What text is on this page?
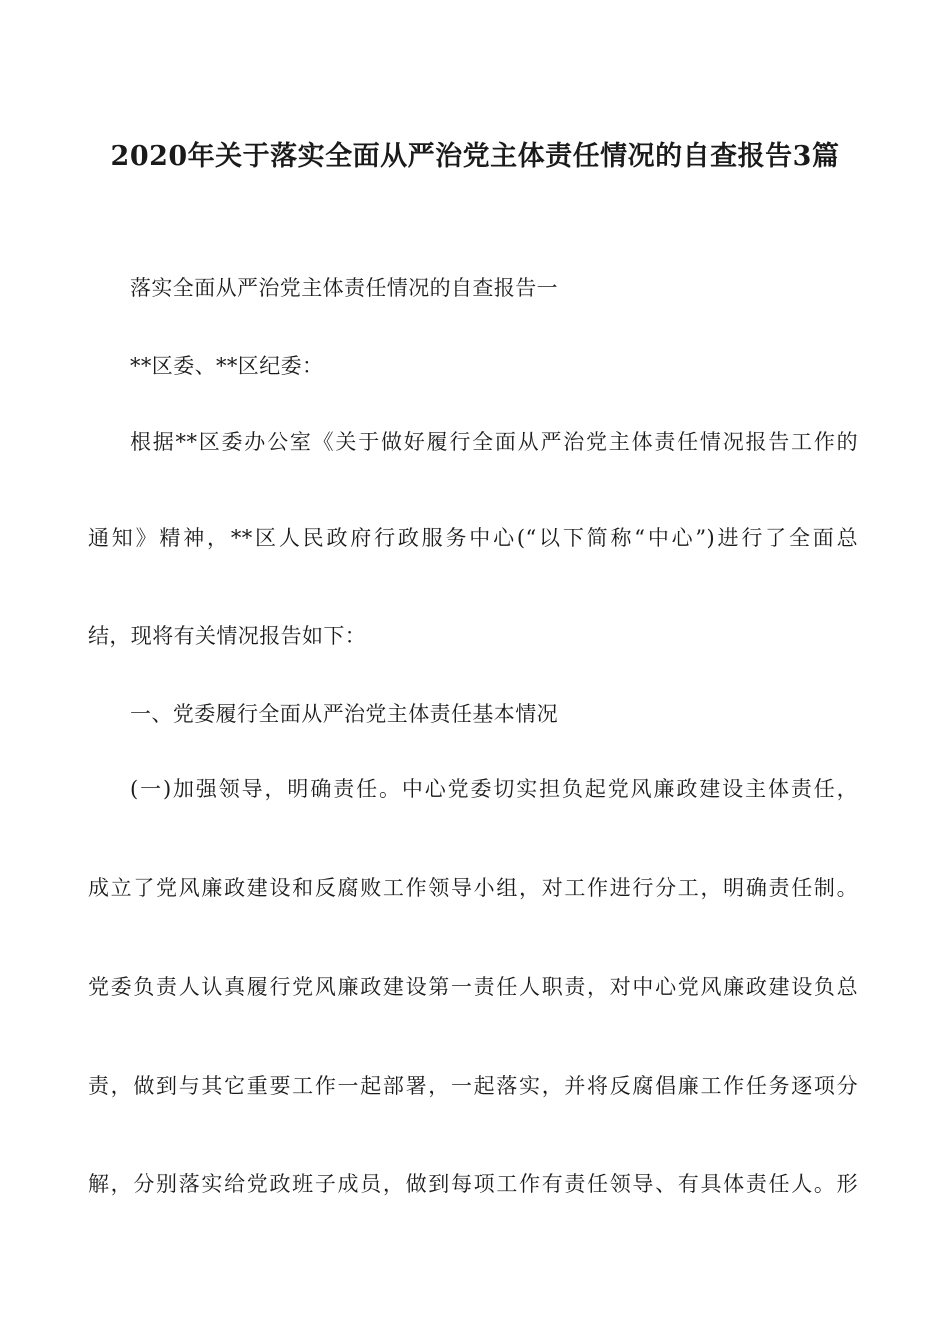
2020年关于落实全面从严治党主体责任情况的自查报告3篇
落实全面从严治党主体责任情况的自查报告一
**区委、**区纪委：
根据**区委办公室《关于做好履行全面从严治党主体责任情况报告工作的
通知》精神，**区人民政府行政服务中心(“以下简称“中心”)进行了全面总
结，现将有关情况报告如下：
一、党委履行全面从严治党主体责任基本情况
(一)加强领导，明确责任。中心党委切实担负起党风廉政建设主体责任，
成立了党风廉政建设和反腐败工作领导小组，对工作进行分工，明确责任制。
党委负责人认真履行党风廉政建设第一责任人职责，对中心党风廉政建设负总
责，做到与其它重要工作一起部署，一起落实，并将反腐倡廉工作任务逐项分
解，分别落实给党政班子成员，做到每项工作有责任领导、有具体责任人。形
